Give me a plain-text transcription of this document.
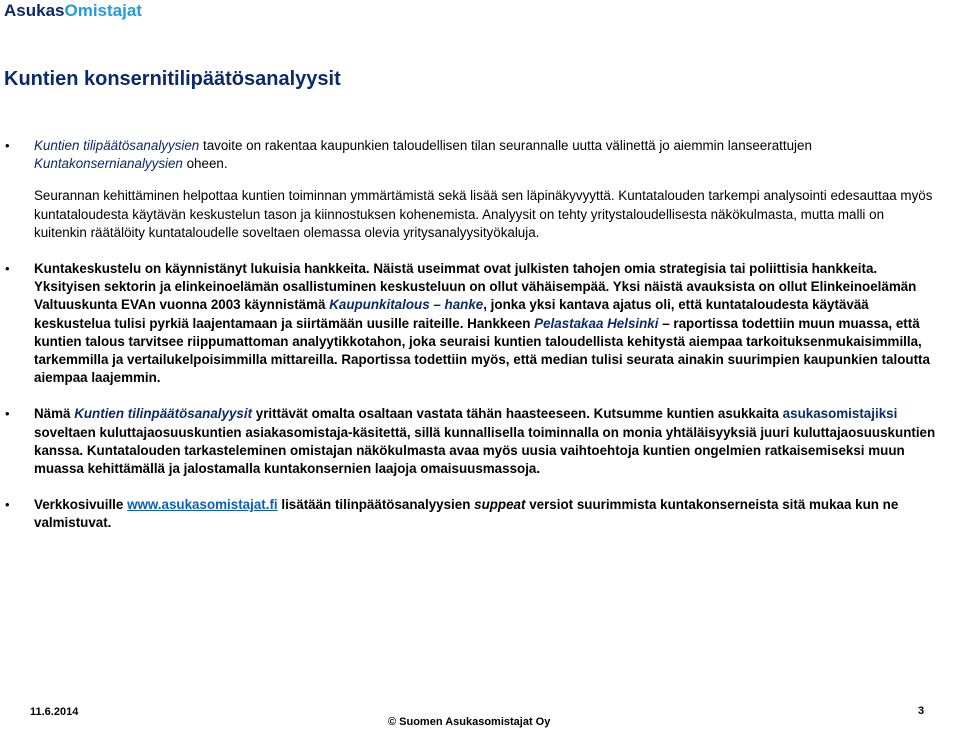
AsukasOmistajat
Kuntien konsernitilipäätösanalyysit
• Kuntien tilipäätösanalyysien tavoite on rakentaa kaupunkien taloudellisen tilan seurannalle uutta välinettä jo aiemmin lanseerattujen Kuntakonsernianalyysien oheen.

Seurannan kehittäminen helpottaa kuntien toiminnan ymmärtämistä sekä lisää sen läpinäkyvyyttä. Kuntatalouden tarkempi analysointi edesauttaa myös kuntataloudesta käytävän keskustelun tason ja kiinnostuksen kohenemista. Analyysit on tehty yritystaloudellisesta näkökulmasta, mutta malli on kuitenkin räätälöity kuntataloudelle soveltaen olemassa olevia yritysanalyysityökaluja.

• Kuntakeskustelu on käynnistänyt lukuisia hankkeita. Näistä useimmat ovat julkisten tahojen omia strategisia tai poliittisia hankkeita. Yksityisen sektorin ja elinkeinoelämän osallistuminen keskusteluun on ollut vähäisempää. Yksi näistä avauksista on ollut Elinkeinoelämän Valtuuskunta EVAn vuonna 2003 käynnistämä Kaupunkitalous – hanke, jonka yksi kantava ajatus oli, että kuntataloudesta käytävää keskustelua tulisi pyrkiä laajentamaan ja siirtämään uusille raiteille. Hankkeen Pelastakaa Helsinki – raportissa todettiin muun muassa, että kuntien talous tarvitsee riippumattoman analyytikkotahon, joka seuraisi kuntien taloudellista kehitystä aiempaa tarkoituksenmukaisimmilla, tarkemmilla ja vertailukelpoisimmilla mittareilla. Raportissa todettiin myös, että median tulisi seurata ainakin suurimpien kaupunkien taloutta aiempaa laajemmin.

• Nämä Kuntien tilinpäätösanalyysit yrittävät omalta osaltaan vastata tähän haasteeseen. Kutsumme kuntien asukkaita asukasomistajiksi soveltaen kuluttajaosuuskuntien asiakasomistaja-käsitettä, sillä kunnallisella toiminnalla on monia yhtäläisyyksiä juuri kuluttajaosuuskuntien kanssa. Kuntatalouden tarkasteleminen omistajan näkökulmasta avaa myös uusia vaihtoehtoja kuntien ongelmien ratkaisemiseksi muun muassa kehittämällä ja jalostamalla kuntakonsernien laajoja omaisuusmassoja.

• Verkkosivuille www.asukasomistajat.fi lisätään tilinpäätösanalyysien suppeat versiot suurimmista kuntakonserneista sitä mukaa kun ne valmistuvat.

11.6.2014
© Suomen Asukasomistajat Oy
3
